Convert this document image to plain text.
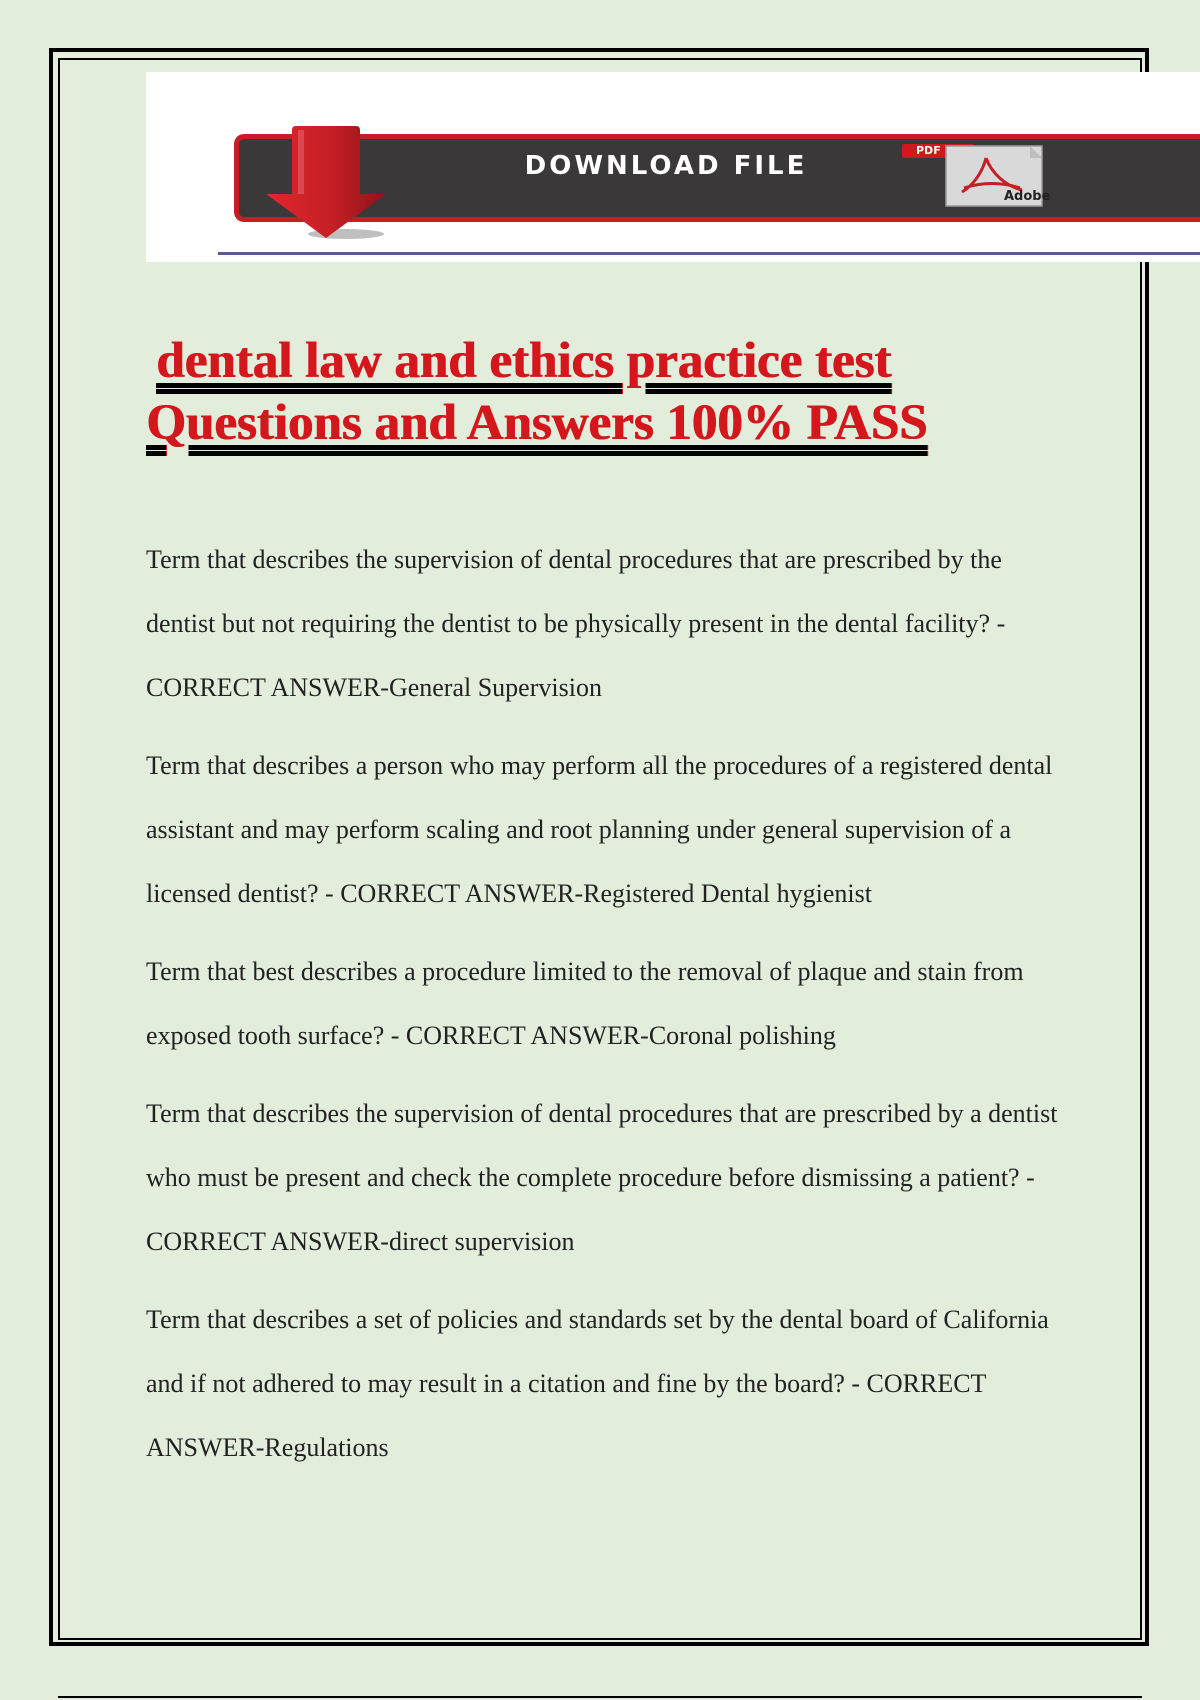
DOWNLOAD FILE
PDF
Adobe
dental law and ethics practice test
Questions and Answers 100% PASS

Term that describes the supervision of dental procedures that are prescribed by the dentist but not requiring the dentist to be physically present in the dental facility? - CORRECT ANSWER-General Supervision

Term that describes a person who may perform all the procedures of a registered dental assistant and may perform scaling and root planning under general supervision of a licensed dentist? - CORRECT ANSWER-Registered Dental hygienist

Term that best describes a procedure limited to the removal of plaque and stain from exposed tooth surface? - CORRECT ANSWER-Coronal polishing

Term that describes the supervision of dental procedures that are prescribed by a dentist who must be present and check the complete procedure before dismissing a patient? - CORRECT ANSWER-direct supervision

Term that describes a set of policies and standards set by the dental board of California and if not adhered to may result in a citation and fine by the board? - CORRECT ANSWER-Regulations
